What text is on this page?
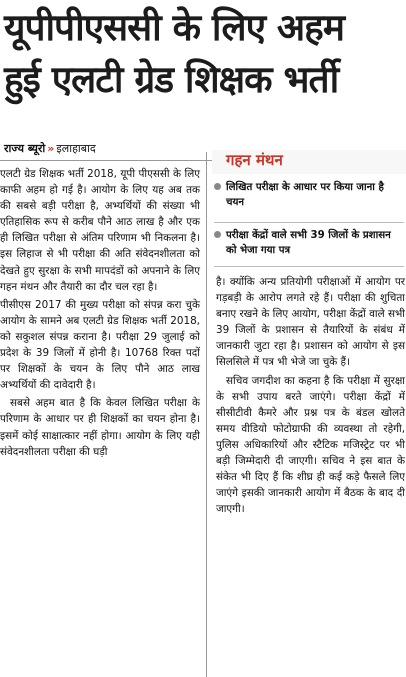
यूपीपीएससी के लिए अहम
हुई एलटी ग्रेड शिक्षक भर्ती
राज्य ब्यूरो » इलाहाबाद

एलटी ग्रेड शिक्षक भर्ती 2018, यूपी पीएससी के लिए काफी अहम हो गई है। आयोग के लिए यह अब तक की सबसे बड़ी परीक्षा है, अभ्यर्थियों की संख्या भी एतिहासिक रूप से करीब पौने आठ लाख है और एक ही लिखित परीक्षा से अंतिम परिणाम भी निकलना है। इस लिहाज से भी परीक्षा की अति संवेदनशीलता को देखते हुए सुरक्षा के सभी मापदंडों को अपनाने के लिए गहन मंथन और तैयारी का दौर चल रहा है।

पीसीएस 2017 की मुख्य परीक्षा को संपन्न करा चुके आयोग के सामने अब एलटी ग्रेड शिक्षक भर्ती 2018, को सकुशल संपन्न कराना है। परीक्षा 29 जुलाई को प्रदेश के 39 जिलों में होनी है। 10768 रिक्त पदों पर शिक्षकों के चयन के लिए पौने आठ लाख अभ्यर्थियों की दावेदारी है।

सबसे अहम बात है कि केवल लिखित परीक्षा के परिणाम के आधार पर ही शिक्षकों का चयन होना है। इसमें कोई साक्षात्कार नहीं होगा। आयोग के लिए यही संवेदनशीलता परीक्षा की घड़ी

गहन मंथन
लिखित परीक्षा के आधार पर किया जाना है चयन
परीक्षा केंद्रों वाले सभी 39 जिलों के प्रशासन को भेजा गया पत्र

है। क्योंकि अन्य प्रतियोगी परीक्षाओं में आयोग पर गड़बड़ी के आरोप लगते रहे हैं। परीक्षा की शुचिता बनाए रखने के लिए आयोग, परीक्षा केंद्रों वाले सभी 39 जिलों के प्रशासन से तैयारियों के संबंध में जानकारी जुटा रहा है। प्रशासन को आयोग से इस सिलसिले में पत्र भी भेजे जा चुके हैं।

सचिव जगदीश का कहना है कि परीक्षा में सुरक्षा के सभी उपाय बरते जाएंगे। परीक्षा केंद्रों में सीसीटीवी कैमरे और प्रश्न पत्र के बंडल खोलते समय वीडियो फोटोग्राफी की व्यवस्था तो रहेगी, पुलिस अधिकारियों और स्टैटिक मजिस्ट्रेट पर भी बड़ी जिम्मेदारी दी जाएगी। सचिव ने इस बात के संकेत भी दिए हैं कि शीघ्र ही कई कड़े फैसले लिए जाएंगे इसकी जानकारी आयोग में बैठक के बाद दी जाएगी।
